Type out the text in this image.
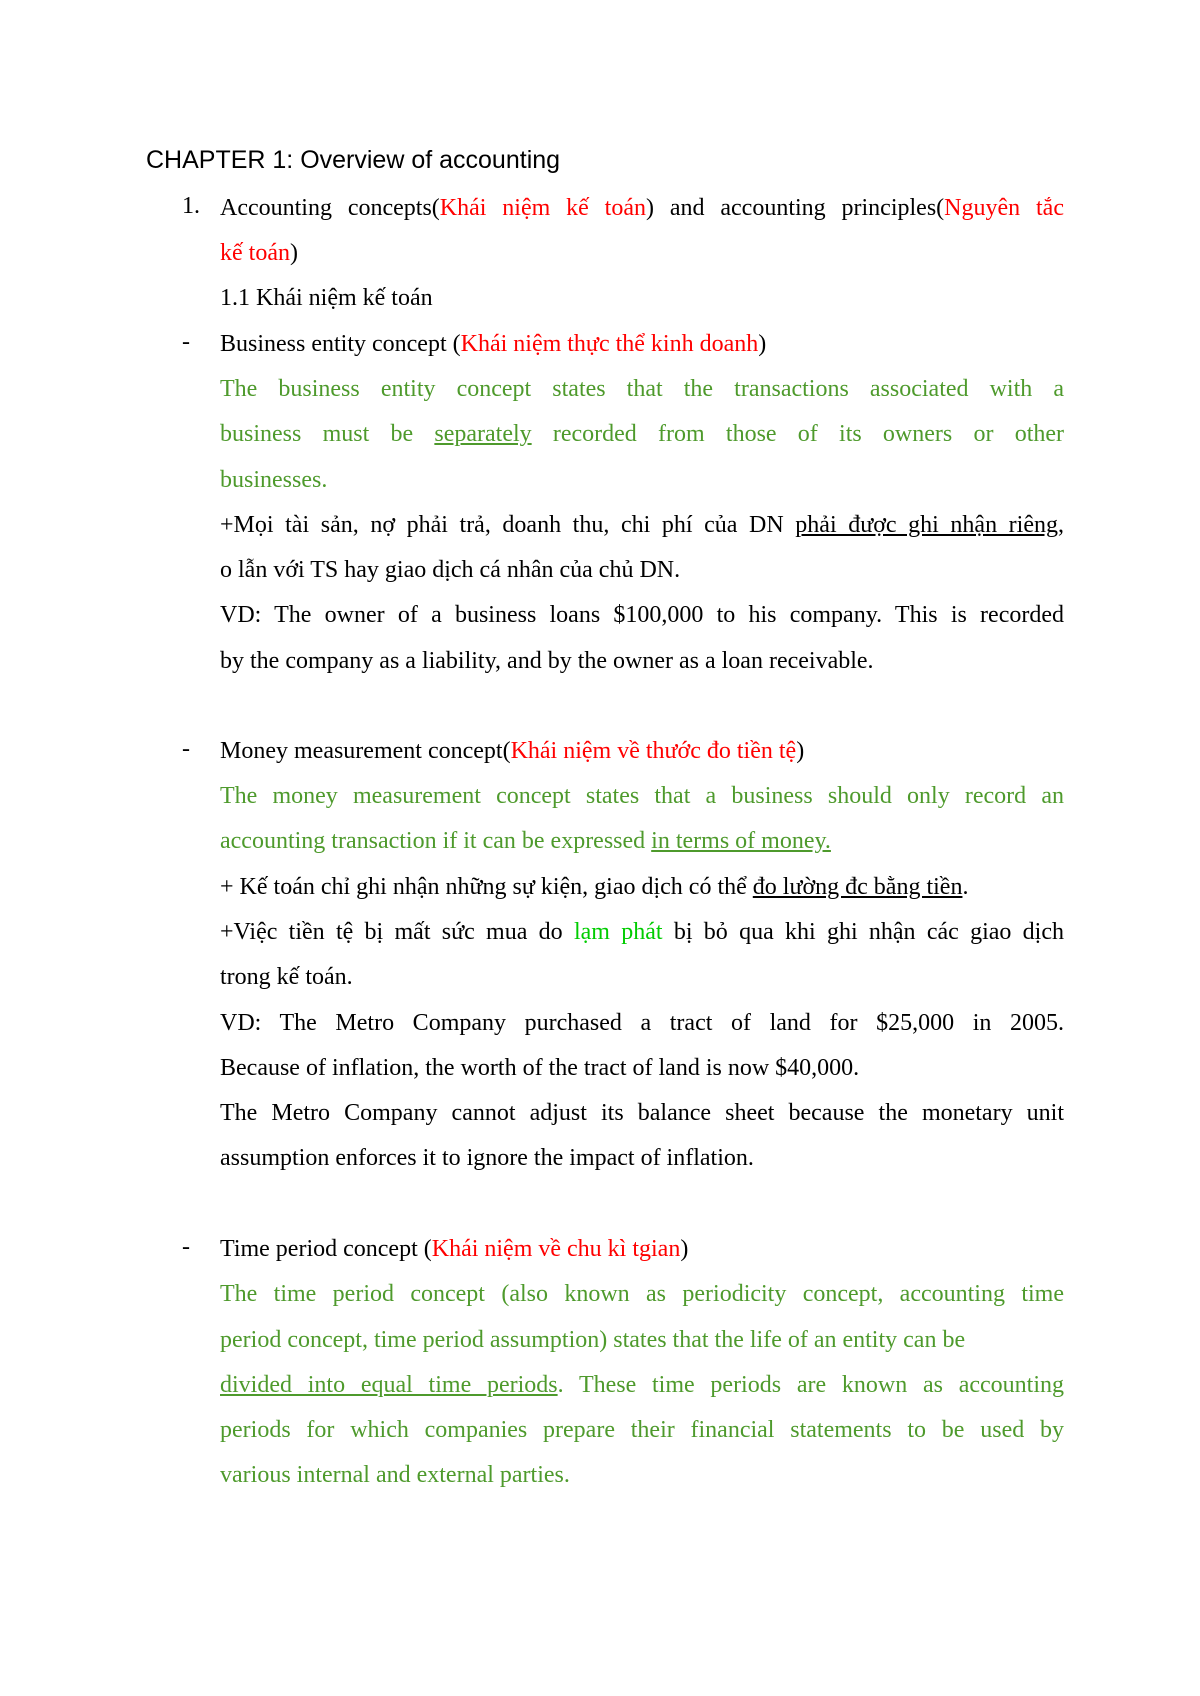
CHAPTER 1: Overview of accounting
1. Accounting concepts(Khái niệm kế toán) and accounting principles(Nguyên tắc
kế toán)
1.1 Khái niệm kế toán
- Business entity concept (Khái niệm thực thể kinh doanh)
The business entity concept states that the transactions associated with a
business must be separately recorded from those of its owners or other
businesses.
+Mọi tài sản, nợ phải trả, doanh thu, chi phí của DN phải được ghi nhận riêng,
o lẫn với TS hay giao dịch cá nhân của chủ DN.
VD: The owner of a business loans $100,000 to his company. This is recorded
by the company as a liability, and by the owner as a loan receivable.
- Money measurement concept(Khái niệm về thước đo tiền tệ)
The money measurement concept states that a business should only record an
accounting transaction if it can be expressed in terms of money.
+ Kế toán chỉ ghi nhận những sự kiện, giao dịch có thể đo lường đc bằng tiền.
+Việc tiền tệ bị mất sức mua do lạm phát bị bỏ qua khi ghi nhận các giao dịch
trong kế toán.
VD: The Metro Company purchased a tract of land for $25,000 in 2005.
Because of inflation, the worth of the tract of land is now $40,000.
The Metro Company cannot adjust its balance sheet because the monetary unit
assumption enforces it to ignore the impact of inflation.
- Time period concept (Khái niệm về chu kì tgian)
The time period concept (also known as periodicity concept, accounting time
period concept, time period assumption) states that the life of an entity can be
divided into equal time periods. These time periods are known as accounting
periods for which companies prepare their financial statements to be used by
various internal and external parties.
